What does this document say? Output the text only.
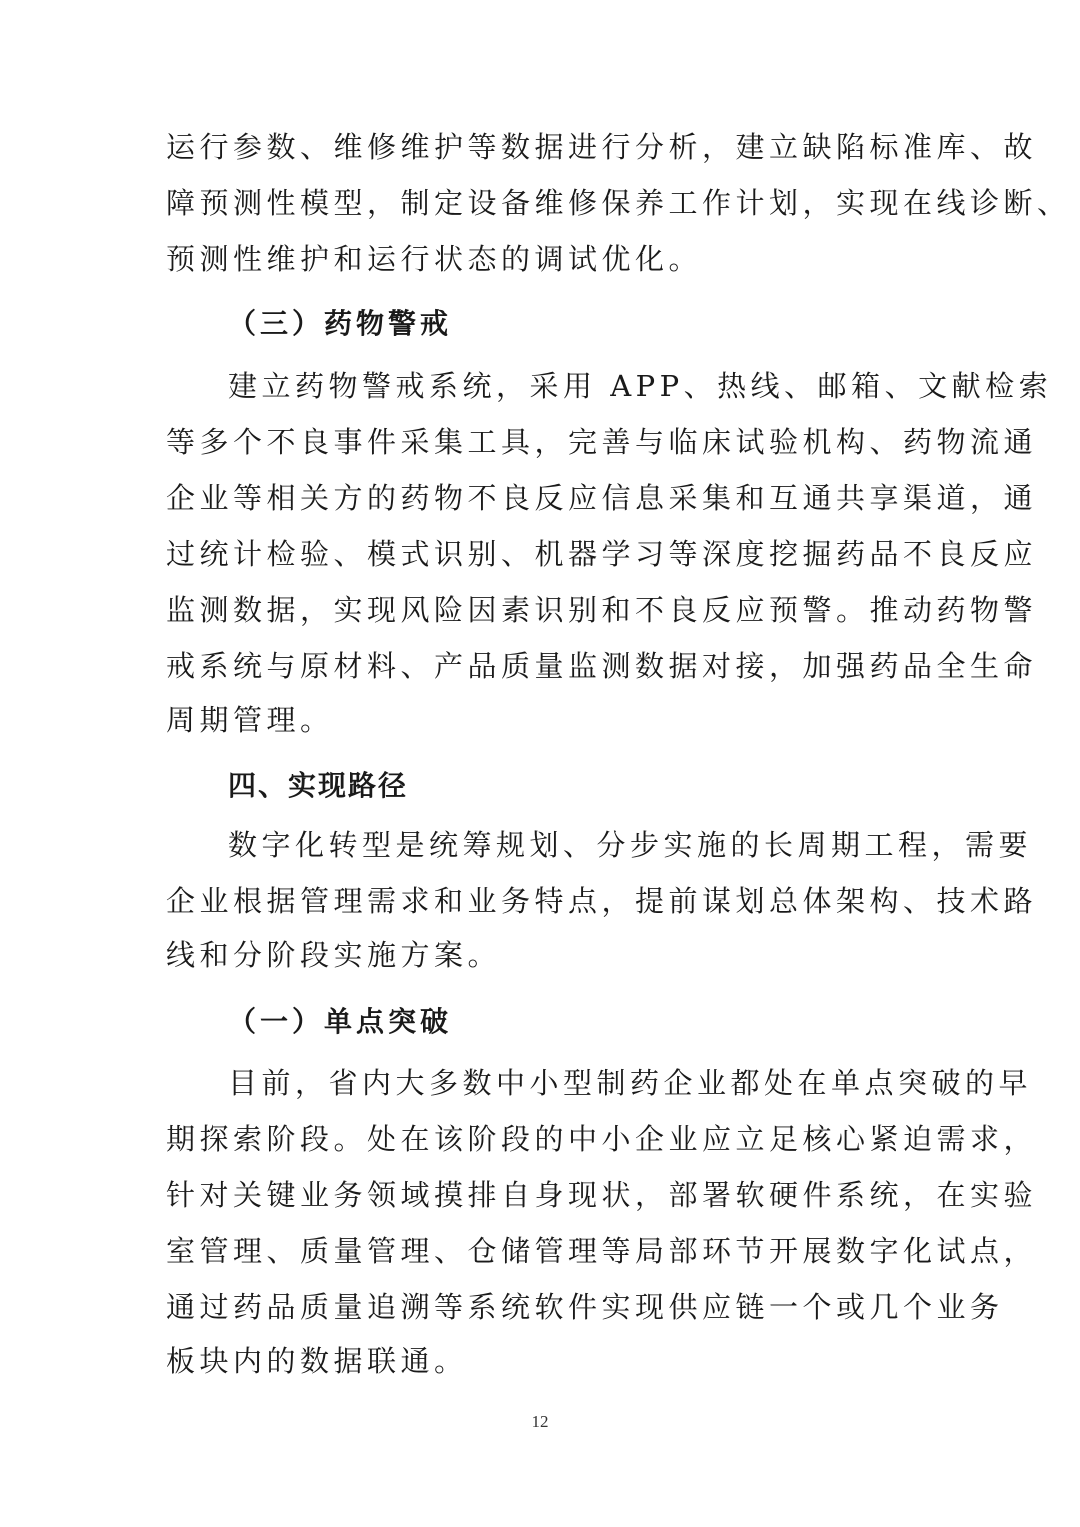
运行参数、维修维护等数据进行分析，建立缺陷标准库、故
障预测性模型，制定设备维修保养工作计划，实现在线诊断、
预测性维护和运行状态的调试优化。
（三）药物警戒
建立药物警戒系统，采用 APP、热线、邮箱、文献检索
等多个不良事件采集工具，完善与临床试验机构、药物流通
企业等相关方的药物不良反应信息采集和互通共享渠道，通
过统计检验、模式识别、机器学习等深度挖掘药品不良反应
监测数据，实现风险因素识别和不良反应预警。推动药物警
戒系统与原材料、产品质量监测数据对接，加强药品全生命
周期管理。
四、实现路径
数字化转型是统筹规划、分步实施的长周期工程，需要
企业根据管理需求和业务特点，提前谋划总体架构、技术路
线和分阶段实施方案。
（一）单点突破
目前，省内大多数中小型制药企业都处在单点突破的早
期探索阶段。处在该阶段的中小企业应立足核心紧迫需求，
针对关键业务领域摸排自身现状，部署软硬件系统，在实验
室管理、质量管理、仓储管理等局部环节开展数字化试点，
通过药品质量追溯等系统软件实现供应链一个或几个业务
板块内的数据联通。
12
